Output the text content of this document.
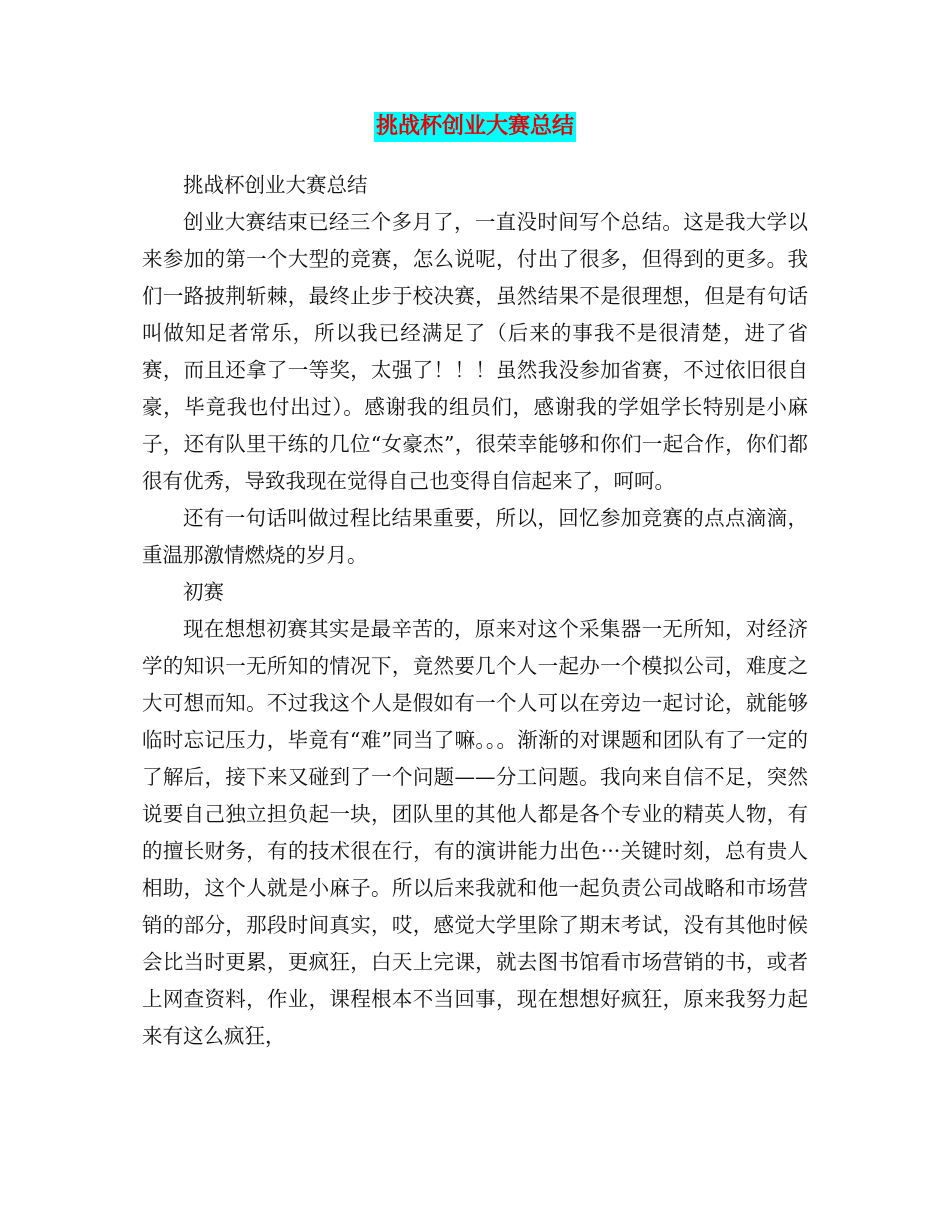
挑战杯创业大赛总结

挑战杯创业大赛总结

创业大赛结束已经三个多月了，一直没时间写个总结。这是我大学以来参加的第一个大型的竞赛，怎么说呢，付出了很多，但得到的更多。我们一路披荆斩棘，最终止步于校决赛，虽然结果不是很理想，但是有句话叫做知足者常乐，所以我已经满足了（后来的事我不是很清楚，进了省赛，而且还拿了一等奖，太强了！！！虽然我没参加省赛，不过依旧很自豪，毕竟我也付出过）。感谢我的组员们，感谢我的学姐学长特别是小麻子，还有队里干练的几位“女豪杰”，很荣幸能够和你们一起合作，你们都很有优秀，导致我现在觉得自己也变得自信起来了，呵呵。

还有一句话叫做过程比结果重要，所以，回忆参加竞赛的点点滴滴，重温那激情燃烧的岁月。

初赛

现在想想初赛其实是最辛苦的，原来对这个采集器一无所知，对经济学的知识一无所知的情况下，竟然要几个人一起办一个模拟公司，难度之大可想而知。不过我这个人是假如有一个人可以在旁边一起讨论，就能够临时忘记压力，毕竟有“难”同当了嘛。。。渐渐的对课题和团队有了一定的了解后，接下来又碰到了一个问题——分工问题。我向来自信不足，突然说要自己独立担负起一块，团队里的其他人都是各个专业的精英人物，有的擅长财务，有的技术很在行，有的演讲能力出色···关键时刻，总有贵人相助，这个人就是小麻子。所以后来我就和他一起负责公司战略和市场营销的部分，那段时间真实，哎，感觉大学里除了期末考试，没有其他时候会比当时更累，更疯狂，白天上完课，就去图书馆看市场营销的书，或者上网查资料，作业，课程根本不当回事，现在想想好疯狂，原来我努力起来有这么疯狂，
